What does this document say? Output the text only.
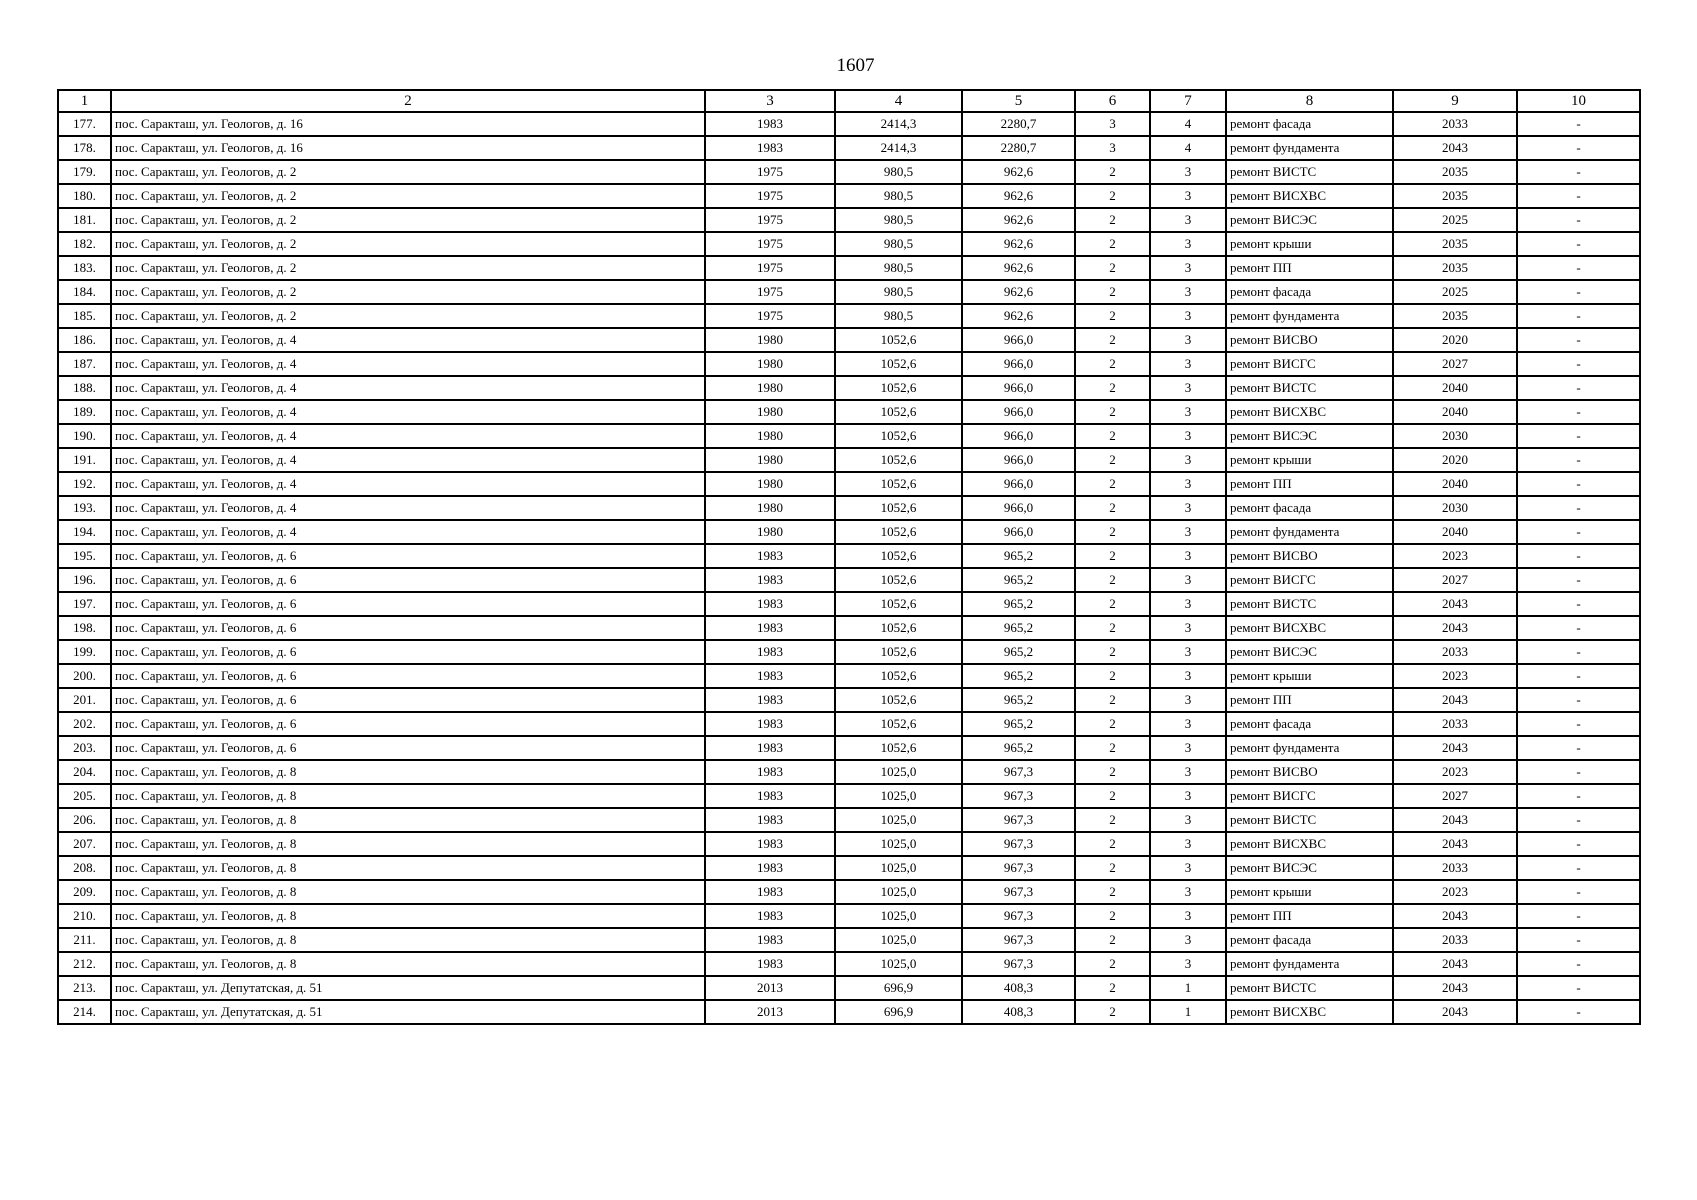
1607
1	2	3	4	5	6	7	8	9	10
177.	пос. Саракташ, ул. Геологов, д. 16	1983	2414,3	2280,7	3	4	ремонт фасада	2033	-
178.	пос. Саракташ, ул. Геологов, д. 16	1983	2414,3	2280,7	3	4	ремонт фундамента	2043	-
179.	пос. Саракташ, ул. Геологов, д. 2	1975	980,5	962,6	2	3	ремонт ВИСТС	2035	-
180.	пос. Саракташ, ул. Геологов, д. 2	1975	980,5	962,6	2	3	ремонт ВИСХВС	2035	-
181.	пос. Саракташ, ул. Геологов, д. 2	1975	980,5	962,6	2	3	ремонт ВИСЭС	2025	-
182.	пос. Саракташ, ул. Геологов, д. 2	1975	980,5	962,6	2	3	ремонт крыши	2035	-
183.	пос. Саракташ, ул. Геологов, д. 2	1975	980,5	962,6	2	3	ремонт ПП	2035	-
184.	пос. Саракташ, ул. Геологов, д. 2	1975	980,5	962,6	2	3	ремонт фасада	2025	-
185.	пос. Саракташ, ул. Геологов, д. 2	1975	980,5	962,6	2	3	ремонт фундамента	2035	-
186.	пос. Саракташ, ул. Геологов, д. 4	1980	1052,6	966,0	2	3	ремонт ВИСВО	2020	-
187.	пос. Саракташ, ул. Геологов, д. 4	1980	1052,6	966,0	2	3	ремонт ВИСГС	2027	-
188.	пос. Саракташ, ул. Геологов, д. 4	1980	1052,6	966,0	2	3	ремонт ВИСТС	2040	-
189.	пос. Саракташ, ул. Геологов, д. 4	1980	1052,6	966,0	2	3	ремонт ВИСХВС	2040	-
190.	пос. Саракташ, ул. Геологов, д. 4	1980	1052,6	966,0	2	3	ремонт ВИСЭС	2030	-
191.	пос. Саракташ, ул. Геологов, д. 4	1980	1052,6	966,0	2	3	ремонт крыши	2020	-
192.	пос. Саракташ, ул. Геологов, д. 4	1980	1052,6	966,0	2	3	ремонт ПП	2040	-
193.	пос. Саракташ, ул. Геологов, д. 4	1980	1052,6	966,0	2	3	ремонт фасада	2030	-
194.	пос. Саракташ, ул. Геологов, д. 4	1980	1052,6	966,0	2	3	ремонт фундамента	2040	-
195.	пос. Саракташ, ул. Геологов, д. 6	1983	1052,6	965,2	2	3	ремонт ВИСВО	2023	-
196.	пос. Саракташ, ул. Геологов, д. 6	1983	1052,6	965,2	2	3	ремонт ВИСГС	2027	-
197.	пос. Саракташ, ул. Геологов, д. 6	1983	1052,6	965,2	2	3	ремонт ВИСТС	2043	-
198.	пос. Саракташ, ул. Геологов, д. 6	1983	1052,6	965,2	2	3	ремонт ВИСХВС	2043	-
199.	пос. Саракташ, ул. Геологов, д. 6	1983	1052,6	965,2	2	3	ремонт ВИСЭС	2033	-
200.	пос. Саракташ, ул. Геологов, д. 6	1983	1052,6	965,2	2	3	ремонт крыши	2023	-
201.	пос. Саракташ, ул. Геологов, д. 6	1983	1052,6	965,2	2	3	ремонт ПП	2043	-
202.	пос. Саракташ, ул. Геологов, д. 6	1983	1052,6	965,2	2	3	ремонт фасада	2033	-
203.	пос. Саракташ, ул. Геологов, д. 6	1983	1052,6	965,2	2	3	ремонт фундамента	2043	-
204.	пос. Саракташ, ул. Геологов, д. 8	1983	1025,0	967,3	2	3	ремонт ВИСВО	2023	-
205.	пос. Саракташ, ул. Геологов, д. 8	1983	1025,0	967,3	2	3	ремонт ВИСГС	2027	-
206.	пос. Саракташ, ул. Геологов, д. 8	1983	1025,0	967,3	2	3	ремонт ВИСТС	2043	-
207.	пос. Саракташ, ул. Геологов, д. 8	1983	1025,0	967,3	2	3	ремонт ВИСХВС	2043	-
208.	пос. Саракташ, ул. Геологов, д. 8	1983	1025,0	967,3	2	3	ремонт ВИСЭС	2033	-
209.	пос. Саракташ, ул. Геологов, д. 8	1983	1025,0	967,3	2	3	ремонт крыши	2023	-
210.	пос. Саракташ, ул. Геологов, д. 8	1983	1025,0	967,3	2	3	ремонт ПП	2043	-
211.	пос. Саракташ, ул. Геологов, д. 8	1983	1025,0	967,3	2	3	ремонт фасада	2033	-
212.	пос. Саракташ, ул. Геологов, д. 8	1983	1025,0	967,3	2	3	ремонт фундамента	2043	-
213.	пос. Саракташ, ул. Депутатская, д. 51	2013	696,9	408,3	2	1	ремонт ВИСТС	2043	-
214.	пос. Саракташ, ул. Депутатская, д. 51	2013	696,9	408,3	2	1	ремонт ВИСХВС	2043	-
